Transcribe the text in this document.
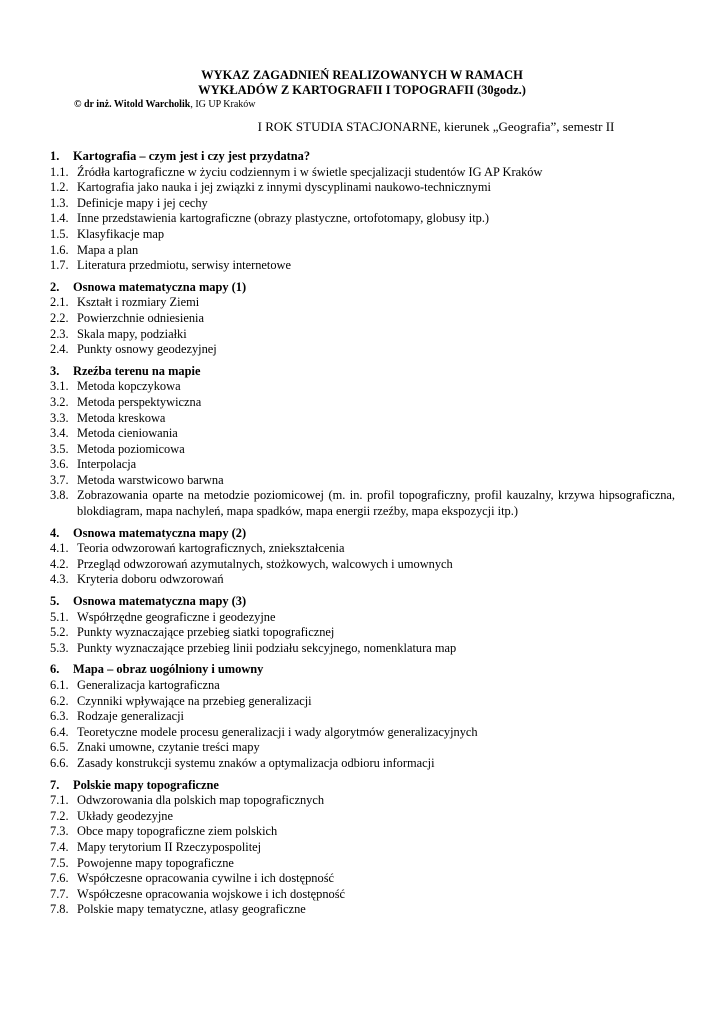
WYKAZ ZAGADNIEŃ REALIZOWANYCH W RAMACH
WYKŁADÓW Z KARTOGRAFII I TOPOGRAFII (30godz.)
© dr inż. Witold Warcholik, IG UP Kraków
I ROK STUDIA STACJONARNE, kierunek „Geografia”, semestr II
1. Kartografia – czym jest i czy jest przydatna?
1.1. Źródła kartograficzne w życiu codziennym i w świetle specjalizacji studentów IG AP Kraków
1.2. Kartografia jako nauka i jej związki z innymi dyscyplinami naukowo-technicznymi
1.3. Definicje mapy i jej cechy
1.4. Inne przedstawienia kartograficzne (obrazy plastyczne, ortofotomapy, globusy itp.)
1.5. Klasyfikacje map
1.6. Mapa a plan
1.7. Literatura przedmiotu, serwisy internetowe
2. Osnowa matematyczna mapy (1)
2.1. Kształt i rozmiary Ziemi
2.2. Powierzchnie odniesienia
2.3. Skala mapy, podziałki
2.4. Punkty osnowy geodezyjnej
3. Rzeźba terenu na mapie
3.1. Metoda kopczykowa
3.2. Metoda perspektywiczna
3.3. Metoda kreskowa
3.4. Metoda cieniowania
3.5. Metoda poziomicowa
3.6. Interpolacja
3.7. Metoda warstwicowo barwna
3.8. Zobrazowania oparte na metodzie poziomicowej (m. in. profil topograficzny, profil kauzalny, krzywa hipsograficzna, blokdiagram, mapa nachyleń, mapa spadków, mapa energii rzeźby, mapa ekspozycji itp.)
4. Osnowa matematyczna mapy (2)
4.1. Teoria odwzorowań kartograficznych, zniekształcenia
4.2. Przegląd odwzorowań azymutalnych, stożkowych, walcowych i umownych
4.3. Kryteria doboru odwzorowań
5. Osnowa matematyczna mapy (3)
5.1. Współrzędne geograficzne i geodezyjne
5.2. Punkty wyznaczające przebieg siatki topograficznej
5.3. Punkty wyznaczające przebieg linii podziału sekcyjnego, nomenklatura map
6. Mapa – obraz uogólniony i umowny
6.1. Generalizacja kartograficzna
6.2. Czynniki wpływające na przebieg generalizacji
6.3. Rodzaje generalizacji
6.4. Teoretyczne modele procesu generalizacji i wady algorytmów generalizacyjnych
6.5. Znaki umowne, czytanie treści mapy
6.6. Zasady konstrukcji systemu znaków a optymalizacja odbioru informacji
7. Polskie mapy topograficzne
7.1. Odwzorowania dla polskich map topograficznych
7.2. Układy geodezyjne
7.3. Obce mapy topograficzne ziem polskich
7.4. Mapy terytorium II Rzeczypospolitej
7.5. Powojenne mapy topograficzne
7.6. Współczesne opracowania cywilne i ich dostępność
7.7. Współczesne opracowania wojskowe i ich dostępność
7.8. Polskie mapy tematyczne, atlasy geograficzne
